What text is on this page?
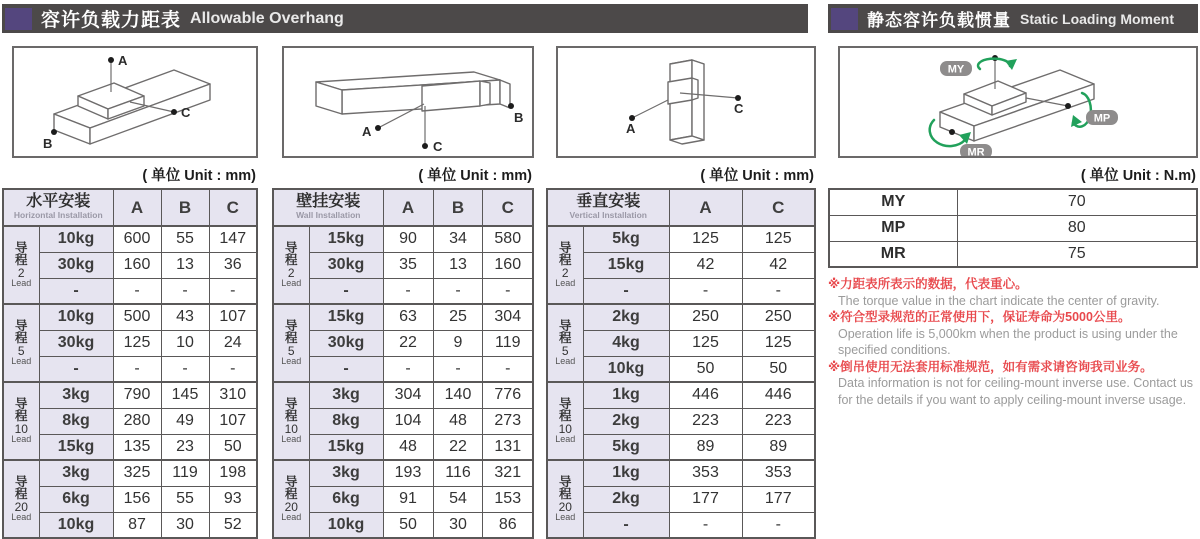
容许负载力距表 Allowable Overhang	静态容许负载惯量 Static Loading Moment
A
B
C
( 单位 Unit : mm)
水平安装
Horizontal Installation		A	B	C

导
程
2
Lead	10kg	600	55	147
	30kg	160	13	36
	-	-	-	-

导
程
5
Lead	10kg	500	43	107
	30kg	125	10	24
	-	-	-	-

导
程
10
Lead	3kg	790	145	310
	8kg	280	49	107
	15kg	135	23	50

导
程
20
Lead	3kg	325	119	198
	6kg	156	55	93
	10kg	87	30	52
A
B
C
( 单位 Unit : mm)
壁挂安装
Wall Installation		A	B	C

导
程
2
Lead	15kg	90	34	580
	30kg	35	13	160
	-	-	-	-

导
程
5
Lead	15kg	63	25	304
	30kg	22	9	119
	-	-	-	-

导
程
10
Lead	3kg	304	140	776
	8kg	104	48	273
	15kg	48	22	131

导
程
20
Lead	3kg	193	116	321
	6kg	91	54	153
	10kg	50	30	86
A
C
( 单位 Unit : mm)
垂直安装
Vertical Installation		A	C

导
程
2
Lead	5kg	125	125
	15kg	42	42
	-	-	-

导
程
5
Lead	2kg	250	250
	4kg	125	125
	10kg	50	50

导
程
10
Lead	1kg	446	446
	2kg	223	223
	5kg	89	89

导
程
20
Lead	1kg	353	353
	2kg	177	177
	-	-	-
MY
MP
MR
( 单位 Unit : N.m)
MY	70
MP	80
MR	75
※力距表所表示的数据，代表重心。
The torque value in the chart indicate the center of gravity.
※符合型录规范的正常使用下，保证寿命为5000公里。
Operation life is 5,000km when the product is using under the specified conditions.
※倒吊使用无法套用标准规范，如有需求请咨询我司业务。
Data information is not for ceiling-mount inverse use. Contact us for the details if you want to apply ceiling-mount inverse usage.
